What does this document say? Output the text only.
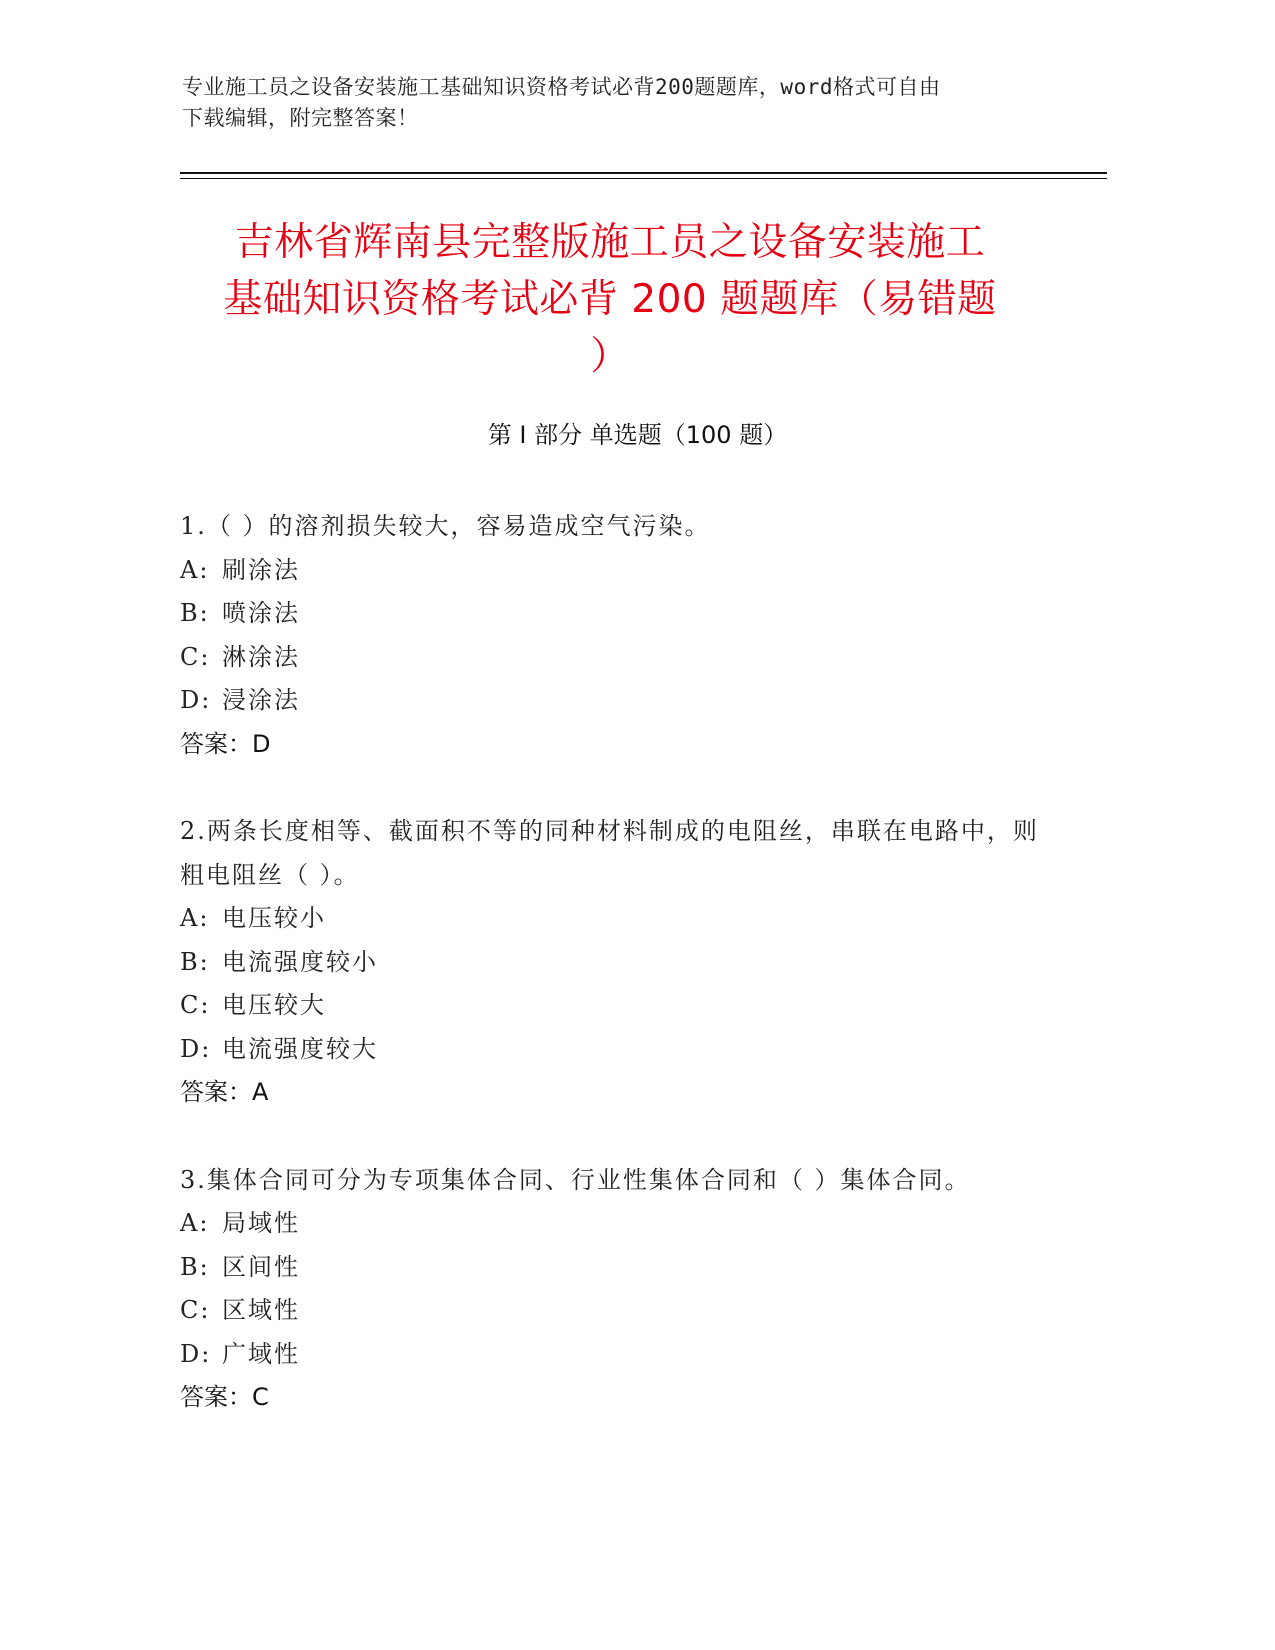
专业施工员之设备安装施工基础知识资格考试必背200题题库，word格式可自由
下载编辑，附完整答案！
吉林省辉南县完整版施工员之设备安装施工
基础知识资格考试必背 200 题题库（易错题
）
第 I 部分 单选题（100 题）
1.（ ）的溶剂损失较大，容易造成空气污染。
A: 刷涂法
B: 喷涂法
C: 淋涂法
D: 浸涂法
答案：D
2.两条长度相等、截面积不等的同种材料制成的电阻丝，串联在电路中，则粗电阻丝（ ）。
A: 电压较小
B: 电流强度较小
C: 电压较大
D: 电流强度较大
答案：A
3.集体合同可分为专项集体合同、行业性集体合同和（ ）集体合同。
A: 局域性
B: 区间性
C: 区域性
D: 广域性
答案：C
